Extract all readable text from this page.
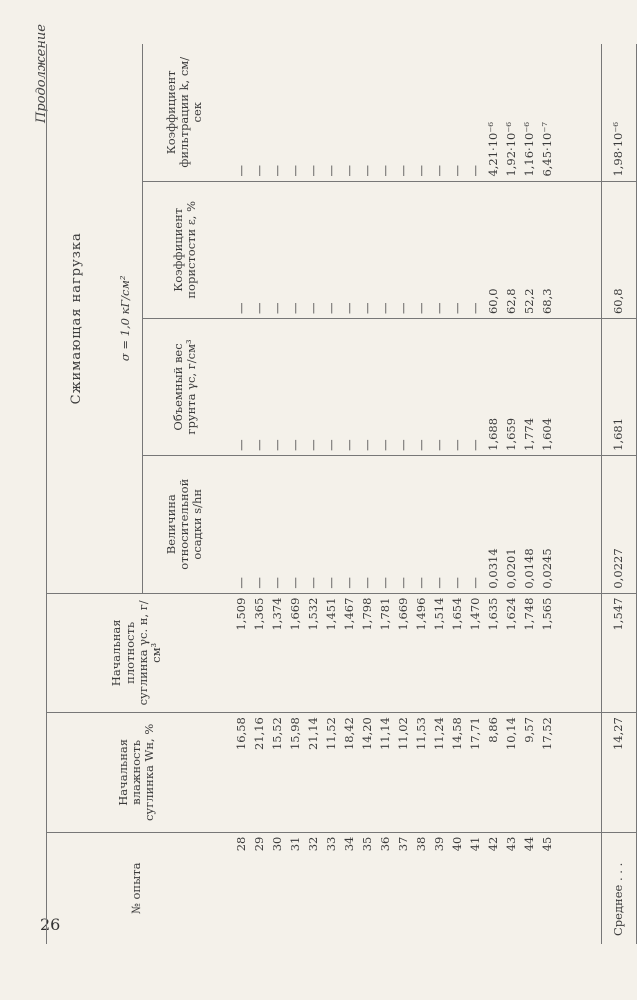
26
Продолжение
№ опыта	Начальная влажность суглинка Wн, %	Начальная плотность суглинка γс. н, г/см³	Сжимающая нагрузка			
			σ = 1,0 кГ/см²			
			Величина относительной осадки s/hн	Объемный вес грунта γс, г/см³	Коэффициент пористости ε, %	Коэффициент фильтрации k, см/сек
28	16,58	1,509	—	—	—	—
29	21,16	1,365	—	—	—	—
30	15,52	1,374	—	—	—	—
31	15,98	1,669	—	—	—	—
32	21,14	1,532	—	—	—	—
33	11,52	1,451	—	—	—	—
34	18,42	1,467	—	—	—	—
35	14,20	1,798	—	—	—	—
36	11,14	1,781	—	—	—	—
37	11,02	1,669	—	—	—	—
38	11,53	1,496	—	—	—	—
39	11,24	1,514	—	—	—	—
40	14,58	1,654	—	—	—	—
41	17,71	1,470	—	—	—	—
42	8,86	1,635	0,0314	1,688	60,0	4,21·10⁻⁶
43	10,14	1,624	0,0201	1,659	62,8	1,92·10⁻⁶
44	9,57	1,748	0,0148	1,774	52,2	1,16·10⁻⁶
45	17,52	1,565	0,0245	1,604	68,3	6,45·10⁻⁷

Среднее . . .	14,27	1,547	0,0227	1,681	60,8	1,98·10⁻⁶
